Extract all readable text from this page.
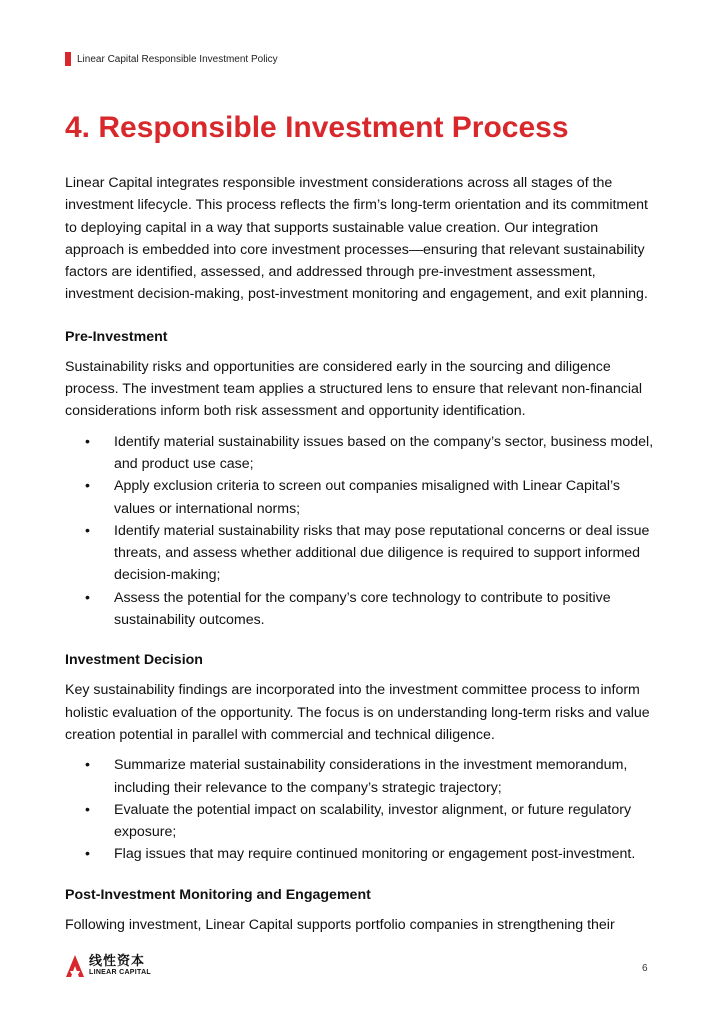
Linear Capital Responsible Investment Policy
4. Responsible Investment Process

Linear Capital integrates responsible investment considerations across all stages of the investment lifecycle. This process reflects the firm’s long-term orientation and its commitment to deploying capital in a way that supports sustainable value creation. Our integration approach is embedded into core investment processes—ensuring that relevant sustainability factors are identified, assessed, and addressed through pre-investment assessment, investment decision-making, post-investment monitoring and engagement, and exit planning.

Pre-Investment

Sustainability risks and opportunities are considered early in the sourcing and diligence process. The investment team applies a structured lens to ensure that relevant non-financial considerations inform both risk assessment and opportunity identification.

• Identify material sustainability issues based on the company’s sector, business model, and product use case;
• Apply exclusion criteria to screen out companies misaligned with Linear Capital’s values or international norms;
• Identify material sustainability risks that may pose reputational concerns or deal issue threats, and assess whether additional due diligence is required to support informed decision-making;
• Assess the potential for the company’s core technology to contribute to positive sustainability outcomes.
Investment Decision

Key sustainability findings are incorporated into the investment committee process to inform holistic evaluation of the opportunity. The focus is on understanding long-term risks and value creation potential in parallel with commercial and technical diligence.

• Summarize material sustainability considerations in the investment memorandum, including their relevance to the company’s strategic trajectory;
• Evaluate the potential impact on scalability, investor alignment, or future regulatory exposure;
• Flag issues that may require continued monitoring or engagement post-investment.
Post-Investment Monitoring and Engagement

Following investment, Linear Capital supports portfolio companies in strengthening their

线性资本
LINEAR CAPITAL	6
